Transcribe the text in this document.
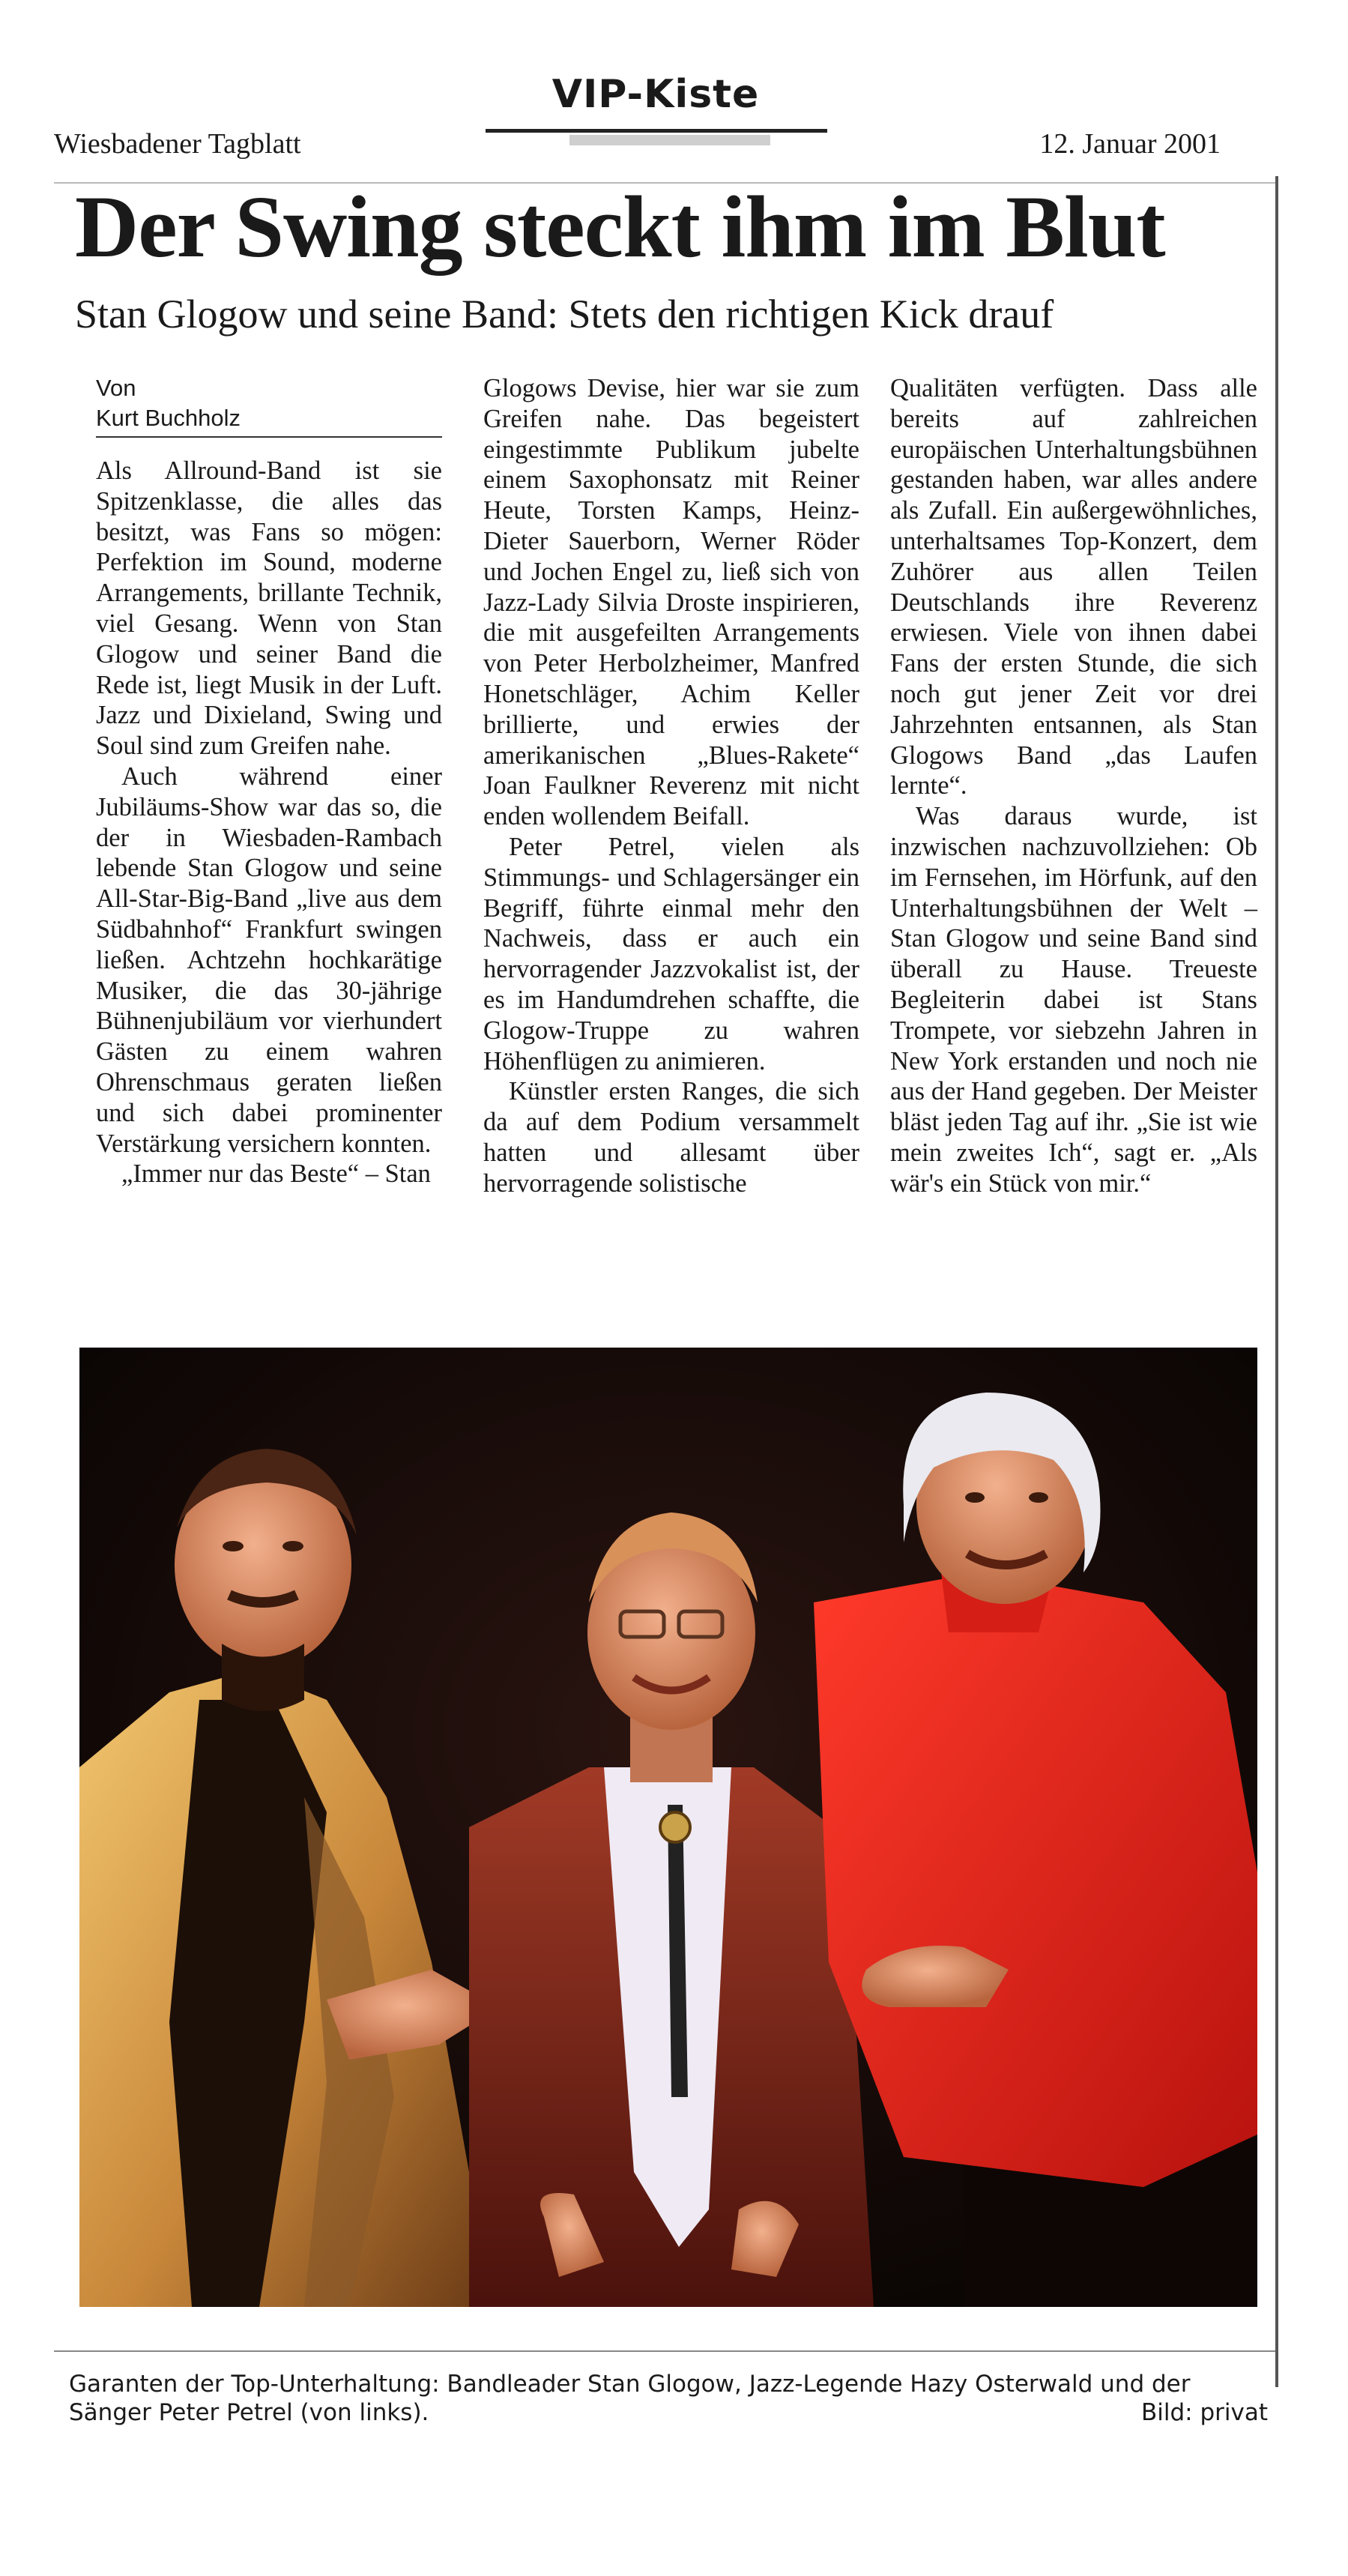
VIP-Kiste
Wiesbadener Tagblatt	12. Januar 2001
Der Swing steckt ihm im Blut
Stan Glogow und seine Band: Stets den richtigen Kick drauf
Von
Kurt Buchholz

Als Allround-Band ist sie Spitzenklasse, die alles das besitzt, was Fans so mögen: Perfektion im Sound, moderne Arrangements, brillante Technik, viel Gesang. Wenn von Stan Glogow und seiner Band die Rede ist, liegt Musik in der Luft. Jazz und Dixieland, Swing und Soul sind zum Greifen nahe.

Auch während einer Jubiläums-Show war das so, die der in Wiesbaden-Rambach lebende Stan Glogow und seine All-Star-Big-Band „live aus dem Südbahnhof“ Frankfurt swingen ließen. Achtzehn hochkarätige Musiker, die das 30-jährige Bühnenjubiläum vor vierhundert Gästen zu einem wahren Ohrenschmaus geraten ließen und sich dabei prominenter Verstärkung versichern konnten.

„Immer nur das Beste“ – Stan

Glogows Devise, hier war sie zum Greifen nahe. Das begeistert eingestimmte Publikum jubelte einem Saxophonsatz mit Reiner Heute, Torsten Kamps, Heinz-Dieter Sauerborn, Werner Röder und Jochen Engel zu, ließ sich von Jazz-Lady Silvia Droste inspirieren, die mit ausgefeilten Arrangements von Peter Herbolzheimer, Manfred Honetschläger, Achim Keller brillierte, und erwies der amerikanischen „Blues-Rakete“ Joan Faulkner Reverenz mit nicht enden wollendem Beifall.

Peter Petrel, vielen als Stimmungs- und Schlagersänger ein Begriff, führte einmal mehr den Nachweis, dass er auch ein hervorragender Jazzvokalist ist, der es im Handumdrehen schaffte, die Glogow-Truppe zu wahren Höhenflügen zu animieren.

Künstler ersten Ranges, die sich da auf dem Podium versammelt hatten und allesamt über hervorragende solistische

Qualitäten verfügten. Dass alle bereits auf zahlreichen europäischen Unterhaltungsbühnen gestanden haben, war alles andere als Zufall. Ein außergewöhnliches, unterhaltsames Top-Konzert, dem Zuhörer aus allen Teilen Deutschlands ihre Reverenz erwiesen. Viele von ihnen dabei Fans der ersten Stunde, die sich noch gut jener Zeit vor drei Jahrzehnten entsannen, als Stan Glogows Band „das Laufen lernte“.

Was daraus wurde, ist inzwischen nachzuvollziehen: Ob im Fernsehen, im Hörfunk, auf den Unterhaltungsbühnen der Welt – Stan Glogow und seine Band sind überall zu Hause. Treueste Begleiterin dabei ist Stans Trompete, vor siebzehn Jahren in New York erstanden und noch nie aus der Hand gegeben. Der Meister bläst jeden Tag auf ihr. „Sie ist wie mein zweites Ich“, sagt er. „Als wär's ein Stück von mir.“

Garanten der Top-Unterhaltung: Bandleader Stan Glogow, Jazz-Legende Hazy Osterwald und der Sänger Peter Petrel (von links).	Bild: privat
